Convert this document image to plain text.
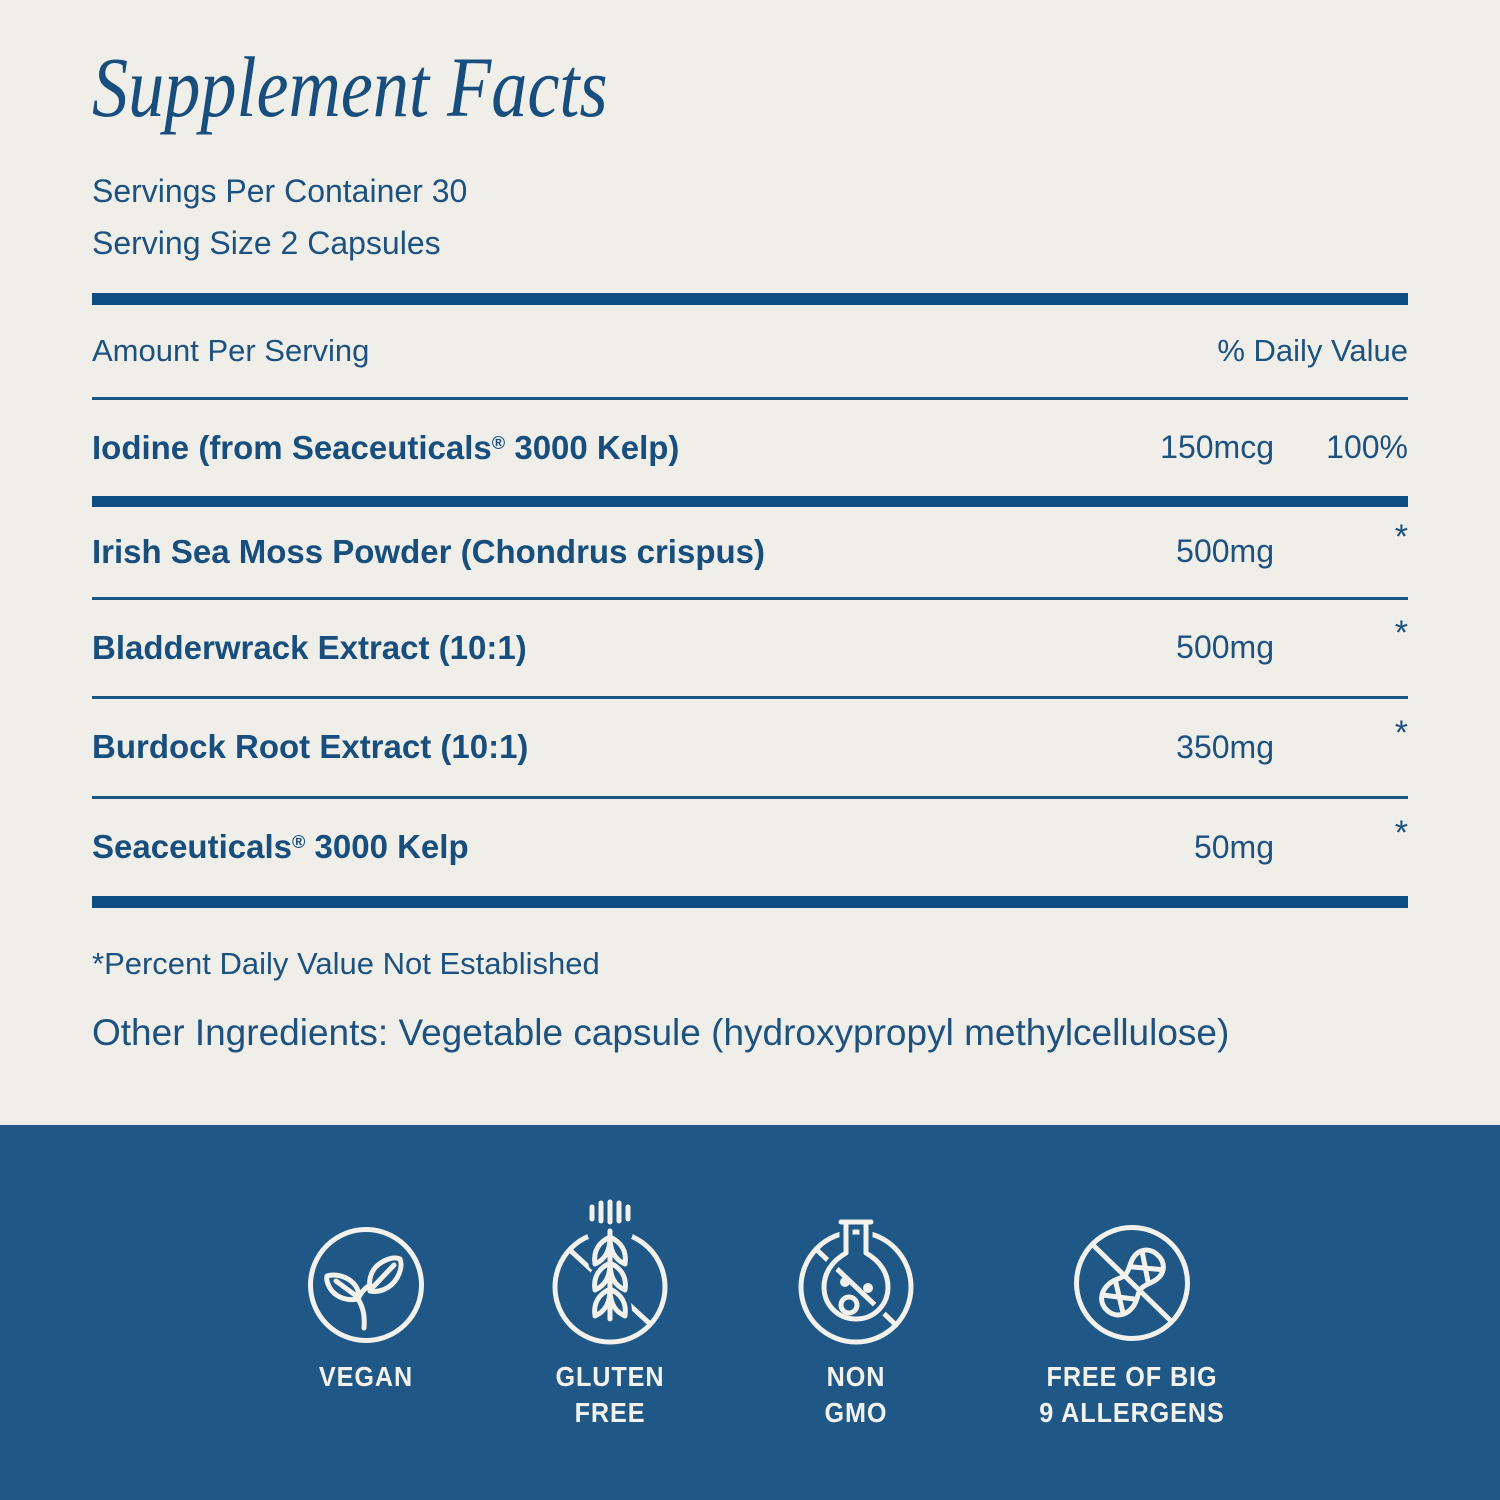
Supplement Facts
Servings Per Container 30
Serving Size 2 Capsules
Amount Per Serving	% Daily Value
Iodine (from Seaceuticals® 3000 Kelp)	150mcg	100%
Irish Sea Moss Powder (Chondrus crispus)	500mg	*
Bladderwrack Extract (10:1)	500mg	*
Burdock Root Extract (10:1)	350mg	*
Seaceuticals® 3000 Kelp	50mg	*
*Percent Daily Value Not Established
Other Ingredients: Vegetable capsule (hydroxypropyl methylcellulose)
VEGAN	GLUTEN
FREE
NON
GMO
FREE OF BIG
9 ALLERGENS
